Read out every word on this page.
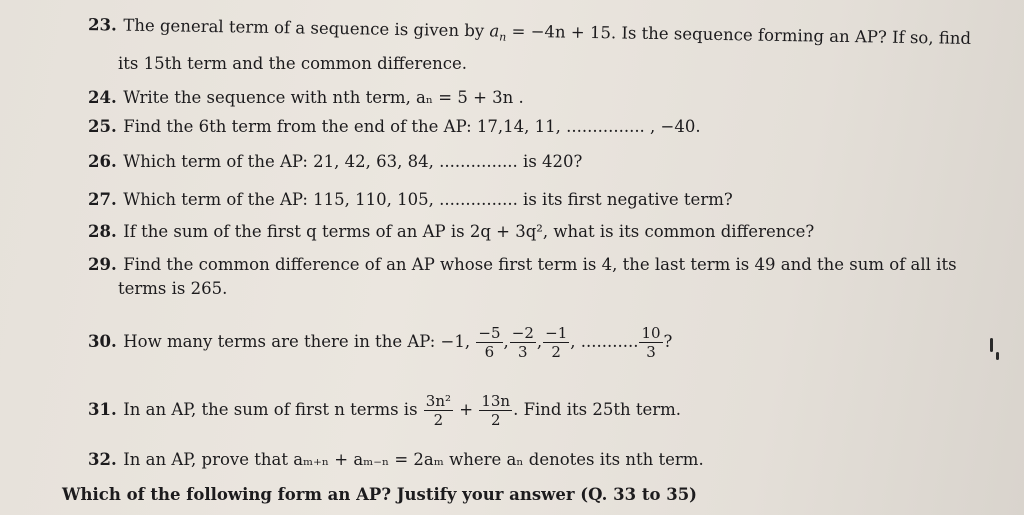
23. The general term of a sequence is given by $a_n = -4n + 15$. Is the sequence forming an AP? If so, find
its 15th term and the common difference.
24. Write the sequence with nth term, aₙ = 5 + 3n .
25. Find the 6th term from the end of the AP: 17,14, 11, ............... , −40.
26. Which term of the AP: 21, 42, 63, 84, ............... is 420?
27. Which term of the AP: 115, 110, 105, ............... is its first negative term?
28. If the sum of the first q terms of an AP is 2q + 3q², what is its common difference?
29. Find the common difference of an AP whose first term is 4, the last term is 49 and the sum of all its
terms is 265.
30. How many terms are there in the AP: −1, $\frac{-5}{6}$ , $\frac{-2}{3}$ , $\frac{-1}{2}$ , ........... $\frac{10}{3}$ ?
31. In an AP, the sum of first n terms is $\frac{\text{3n²}}{2} + \frac{13n}{2}$ . Find its 25th term.
32. In an AP, prove that aₘ₊ₙ + aₘ₋ₙ = 2aₘ where aₙ denotes its nth term.
Which of the following form an AP? Justify your answer (Q. 33 to 35)
